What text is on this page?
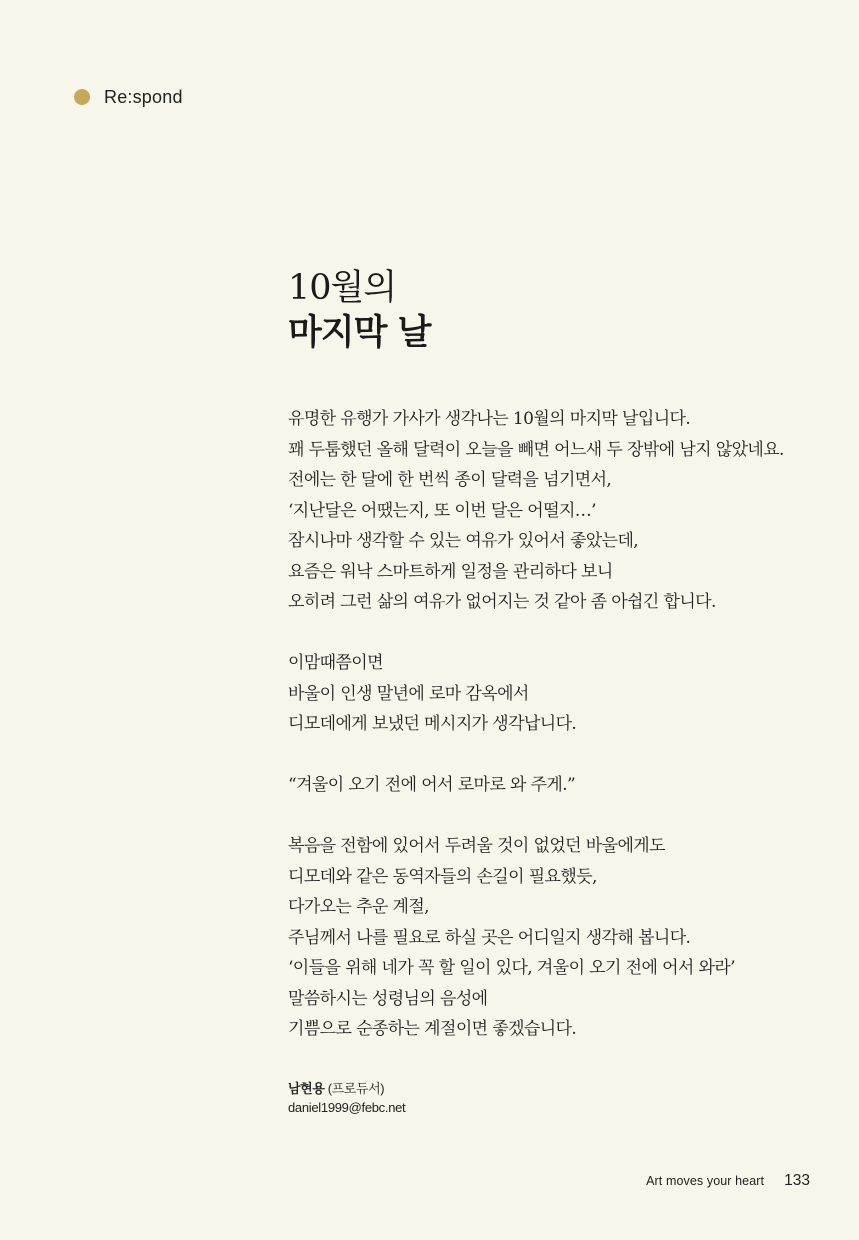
Re:spond
10월의
마지막 날
유명한 유행가 가사가 생각나는 10월의 마지막 날입니다.
꽤 두툼했던 올해 달력이 오늘을 빼면 어느새 두 장밖에 남지 않았네요.
전에는 한 달에 한 번씩 종이 달력을 넘기면서,
‘지난달은 어땠는지, 또 이번 달은 어떨지…’
잠시나마 생각할 수 있는 여유가 있어서 좋았는데,
요즘은 워낙 스마트하게 일정을 관리하다 보니
오히려 그런 삶의 여유가 없어지는 것 같아 좀 아쉽긴 합니다.
이맘때쯤이면
바울이 인생 말년에 로마 감옥에서
디모데에게 보냈던 메시지가 생각납니다.
“겨울이 오기 전에 어서 로마로 와 주게.”
복음을 전함에 있어서 두려울 것이 없었던 바울에게도
디모데와 같은 동역자들의 손길이 필요했듯,
다가오는 추운 계절,
주님께서 나를 필요로 하실 곳은 어디일지 생각해 봅니다.
‘이들을 위해 네가 꼭 할 일이 있다, 겨울이 오기 전에 어서 와라’
말씀하시는 성령님의 음성에
기쁨으로 순종하는 계절이면 좋겠습니다.
남현용 (프로듀서)
daniel1999@febc.net
Art moves your heart 133
